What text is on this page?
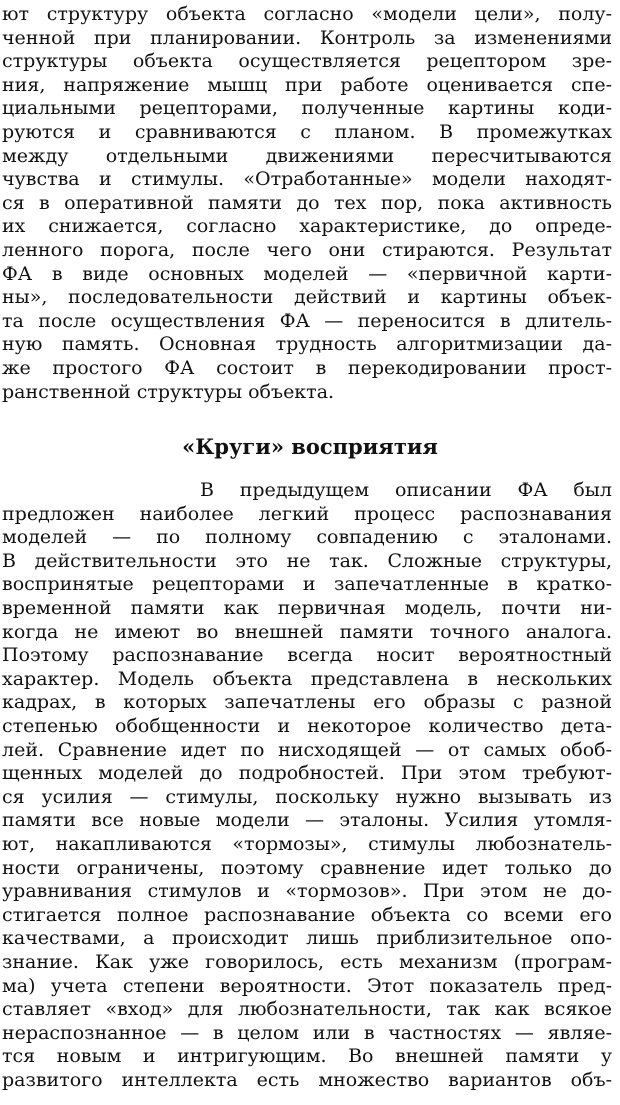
ют структуру объекта согласно «модели цели», полу-
ченной при планировании. Контроль за изменениями
структуры объекта осуществляется рецептором зре-
ния, напряжение мышц при работе оценивается спе-
циальными рецепторами, полученные картины коди-
руются и сравниваются с планом. В промежутках
между отдельными движениями пересчитываются
чувства и стимулы. «Отработанные» модели находят-
ся в оперативной памяти до тех пор, пока активность
их снижается, согласно характеристике, до опреде-
ленного порога, после чего они стираются. Результат
ФА в виде основных моделей — «первичной карти-
ны», последовательности действий и картины объек-
та после осуществления ФА — переносится в длитель-
ную память. Основная трудность алгоритмизации да-
же простого ФА состоит в перекодировании прост-
ранственной структуры объекта.
«Круги» восприятия
В предыдущем описании ФА был
предложен наиболее легкий процесс распознавания
моделей — по полному совпадению с эталонами.
В действительности это не так. Сложные структуры,
воспринятые рецепторами и запечатленные в кратко-
временной памяти как первичная модель, почти ни-
когда не имеют во внешней памяти точного аналога.
Поэтому распознавание всегда носит вероятностный
характер. Модель объекта представлена в нескольких
кадрах, в которых запечатлены его образы с разной
степенью обобщенности и некоторое количество дета-
лей. Сравнение идет по нисходящей — от самых обоб-
щенных моделей до подробностей. При этом требуют-
ся усилия — стимулы, поскольку нужно вызывать из
памяти все новые модели — эталоны. Усилия утомля-
ют, накапливаются «тормозы», стимулы любознатель-
ности ограничены, поэтому сравнение идет только до
уравнивания стимулов и «тормозов». При этом не до-
стигается полное распознавание объекта со всеми его
качествами, а происходит лишь приблизительное опо-
знание. Как уже говорилось, есть механизм (програм-
ма) учета степени вероятности. Этот показатель пред-
ставляет «вход» для любознательности, так как всякое
нераспознанное — в целом или в частностях — являе-
тся новым и интригующим. Во внешней памяти у
развитого интеллекта есть множество вариантов объ-
